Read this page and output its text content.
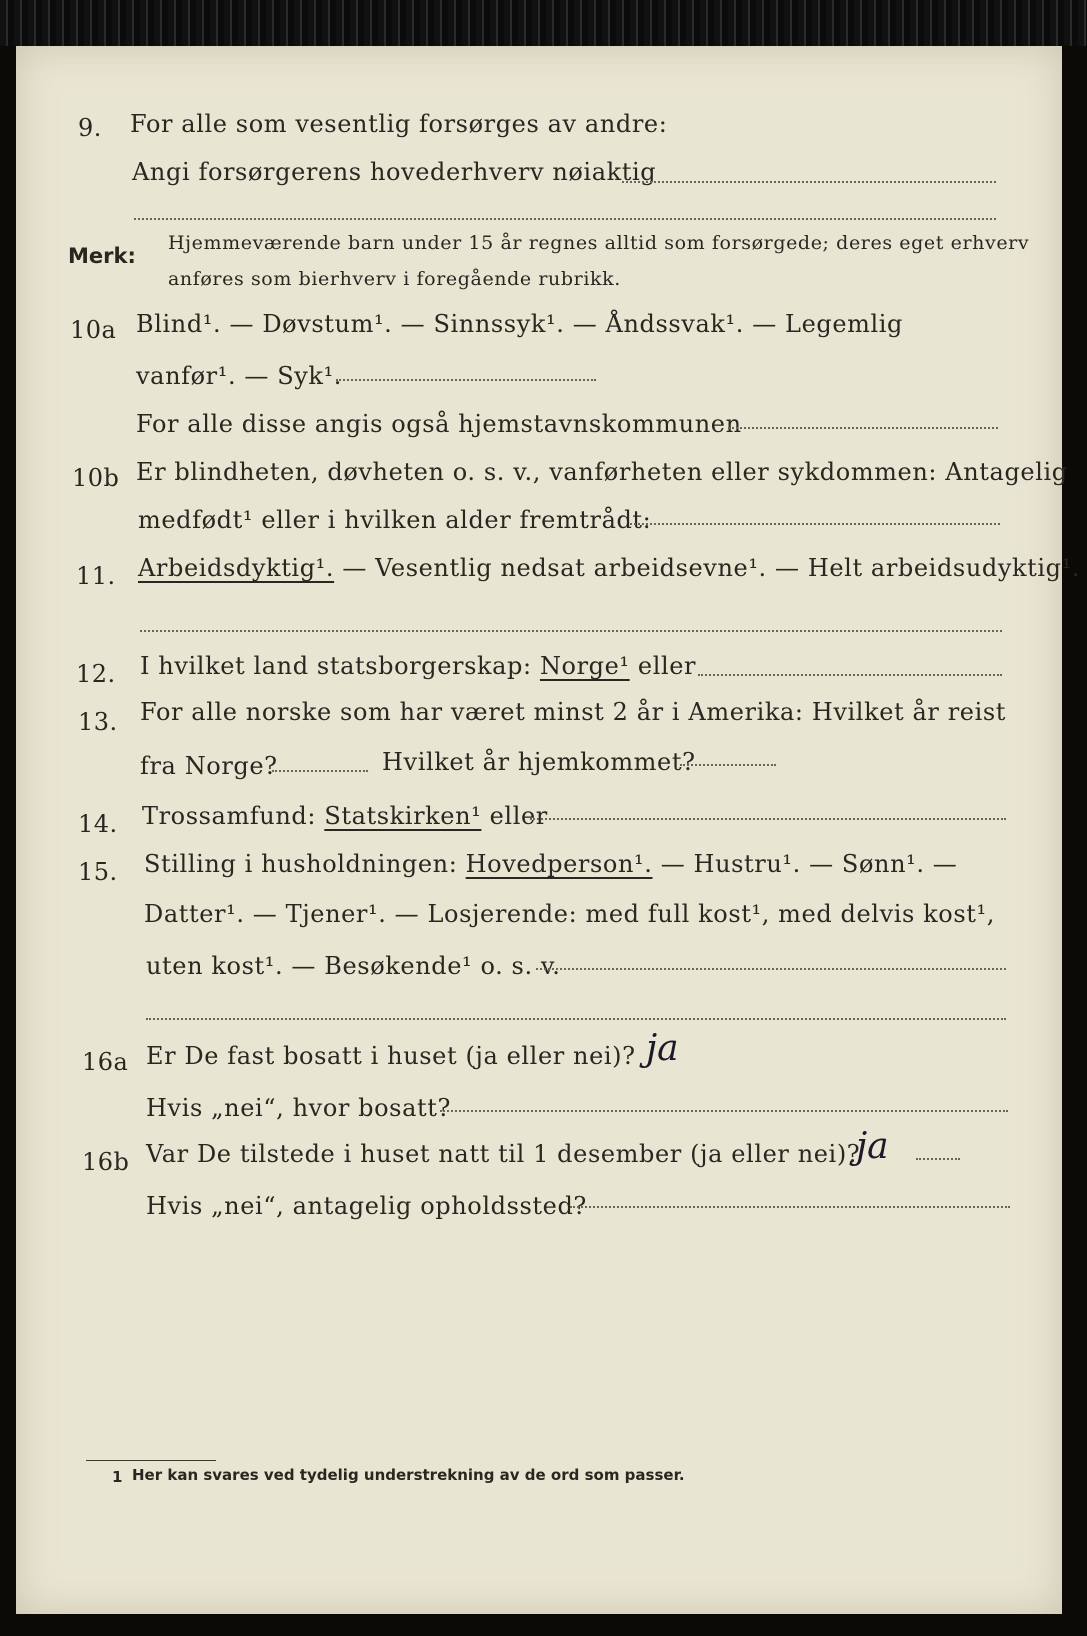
9. For alle som vesentlig forsørges av andre:
Angi forsørgerens hovederhverv nøiaktig
Merk:
Hjemmeværende barn under 15 år regnes alltid som forsørgede; deres eget erhverv
anføres som bierhverv i foregående rubrikk.
10a Blind¹. — Døvstum¹. — Sinnssyk¹. — Åndssvak¹. — Legemlig
vanfør¹. — Syk¹.
For alle disse angis også hjemstavnskommunen
10b Er blindheten, døvheten o. s. v., vanførheten eller sykdommen: Antagelig
medfødt¹ eller i hvilken alder fremtrådt:
11. Arbeidsdyktig¹. — Vesentlig nedsat arbeidsevne¹. — Helt arbeidsudyktig¹.
12. I hvilket land statsborgerskap: Norge¹ eller
13. For alle norske som har været minst 2 år i Amerika: Hvilket år reist
fra Norge?	Hvilket år hjemkommet?
14. Trossamfund: Statskirken¹ eller
15. Stilling i husholdningen: Hovedperson¹. — Hustru¹. — Sønn¹. —
Datter¹. — Tjener¹. — Losjerende: med full kost¹, med delvis kost¹,
uten kost¹. — Besøkende¹ o. s. v.
16a Er De fast bosatt i huset (ja eller nei)? ja
Hvis „nei“, hvor bosatt?
16b Var De tilstede i huset natt til 1 desember (ja eller nei)?
ja
Hvis „nei“, antagelig opholdssted?
1 Her kan svares ved tydelig understrekning av de ord som passer.
